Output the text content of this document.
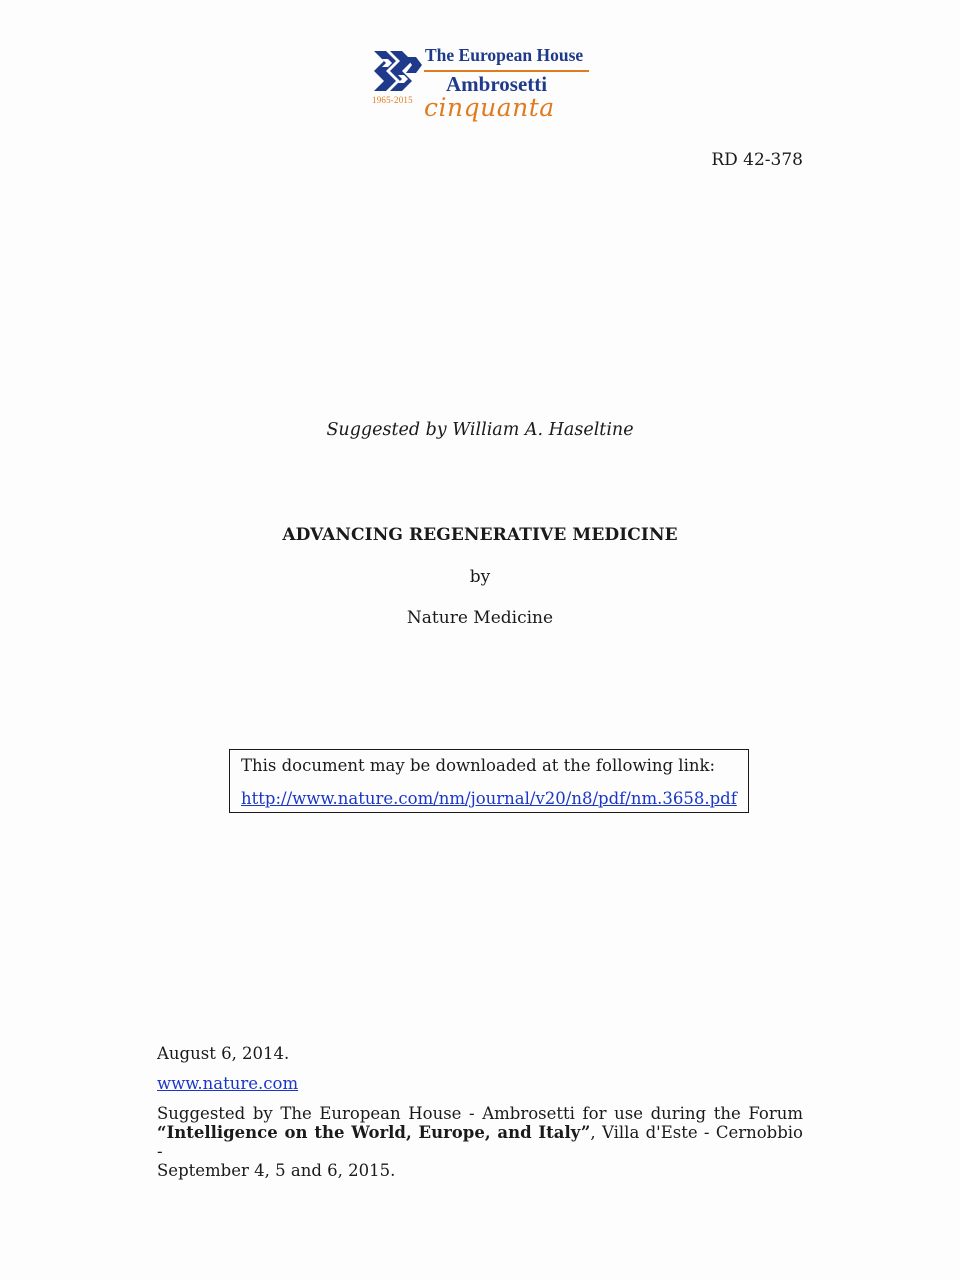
1965-2015
The European House
Ambrosetti
cinquanta
RD 42-378
Suggested by William A. Haseltine
ADVANCING REGENERATIVE MEDICINE
by
Nature Medicine
This document may be downloaded at the following link:
http://www.nature.com/nm/journal/v20/n8/pdf/nm.3658.pdf
August 6, 2014.
www.nature.com
Suggested by The European House - Ambrosetti for use during the Forum
“Intelligence on the World, Europe, and Italy”, Villa d'Este - Cernobbio -
September 4, 5 and 6, 2015.
